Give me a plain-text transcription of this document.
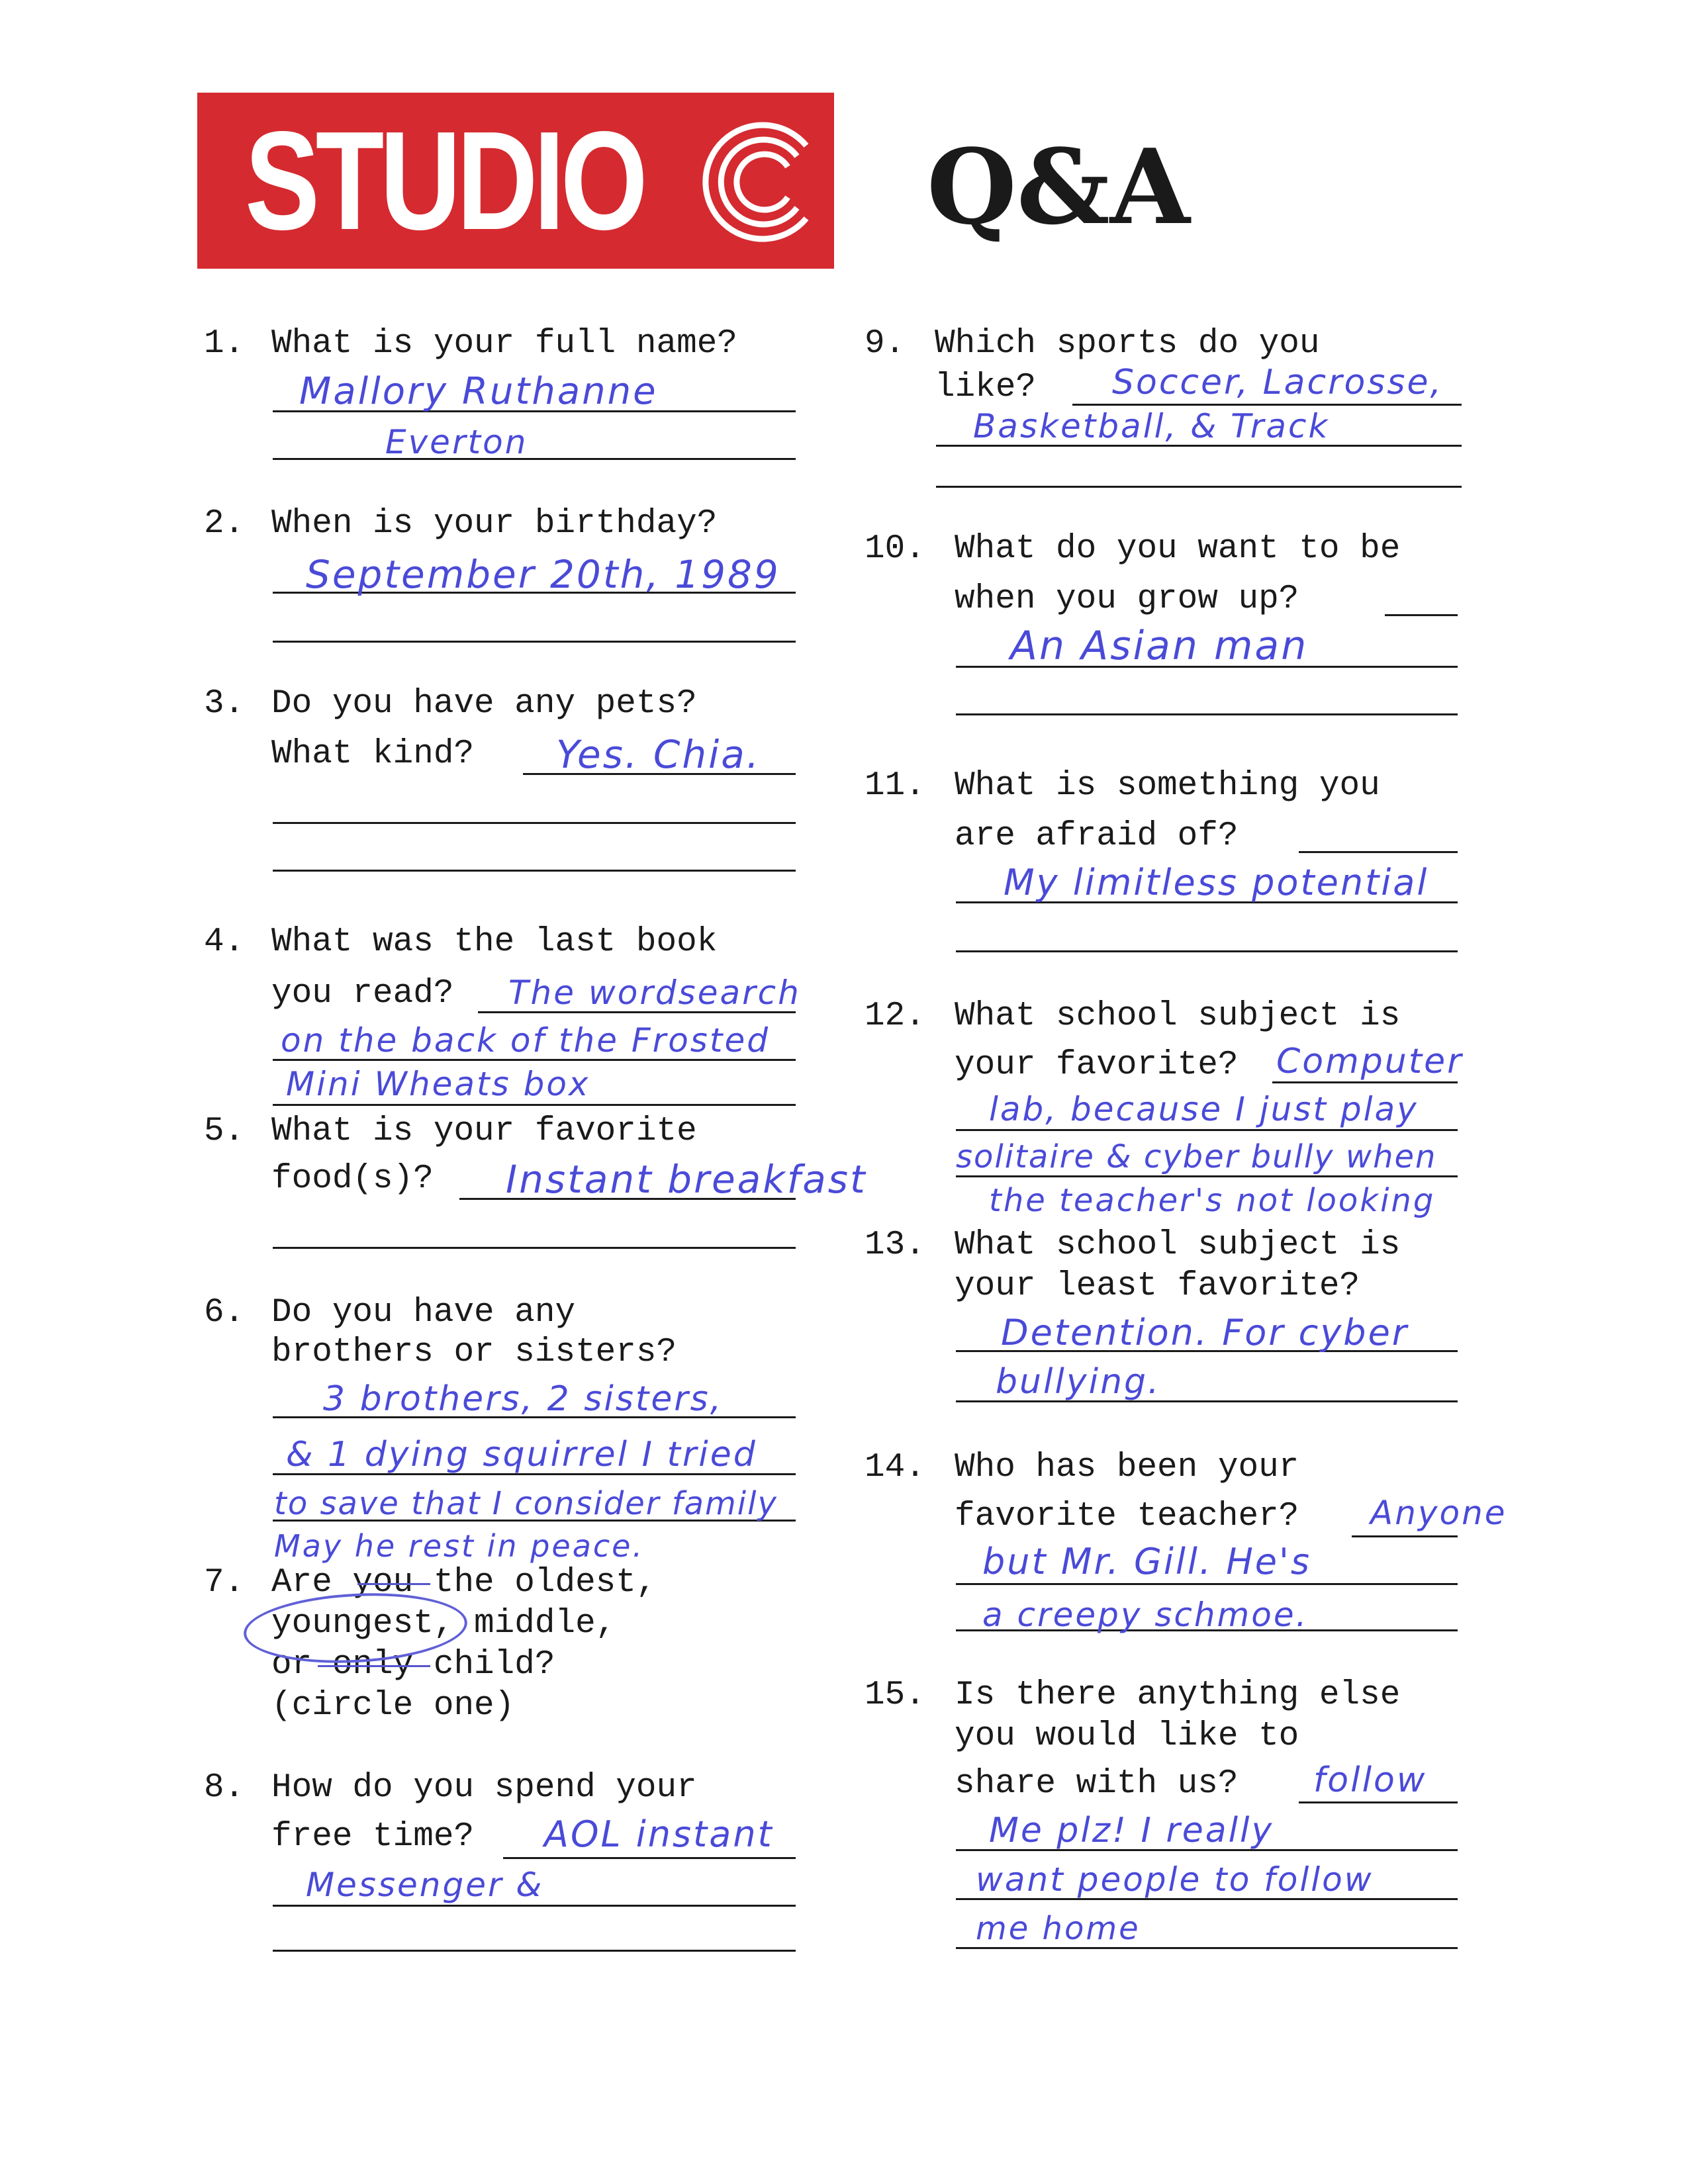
STUDIO	Q&A
1. What is your full name?
Mallory Ruthanne
Everton
2. When is your birthday?
September 20th, 1989
3. Do you have any pets?
What kind? Yes. Chia.
4. What was the last book
you read? The wordsearch
on the back of the Frosted
Mini Wheats box
5. What is your favorite
food(s)? Instant breakfast
6. Do you have any
brothers or sisters?
3 brothers, 2 sisters,
& 1 dying squirrel I tried
to save that I consider family
May he rest in peace.
7. Are you the oldest,
youngest, middle,
or only child?
(circle one)
8. How do you spend your
free time? AOL instant
Messenger &
9. Which sports do you
like? Soccer, Lacrosse,
Basketball, & Track
10. What do you want to be
when you grow up?
An Asian man
11. What is something you
are afraid of?
My limitless potential
12. What school subject is
your favorite? Computer
lab, because I just play
solitaire & cyber bully when
the teacher's not looking
13. What school subject is
your least favorite?
Detention. For cyber
bullying.
14. Who has been your
favorite teacher? Anyone
but Mr. Gill. He's
a creepy schmoe.
15. Is there anything else
you would like to
share with us? follow
Me plz! I really
want people to follow
me home
